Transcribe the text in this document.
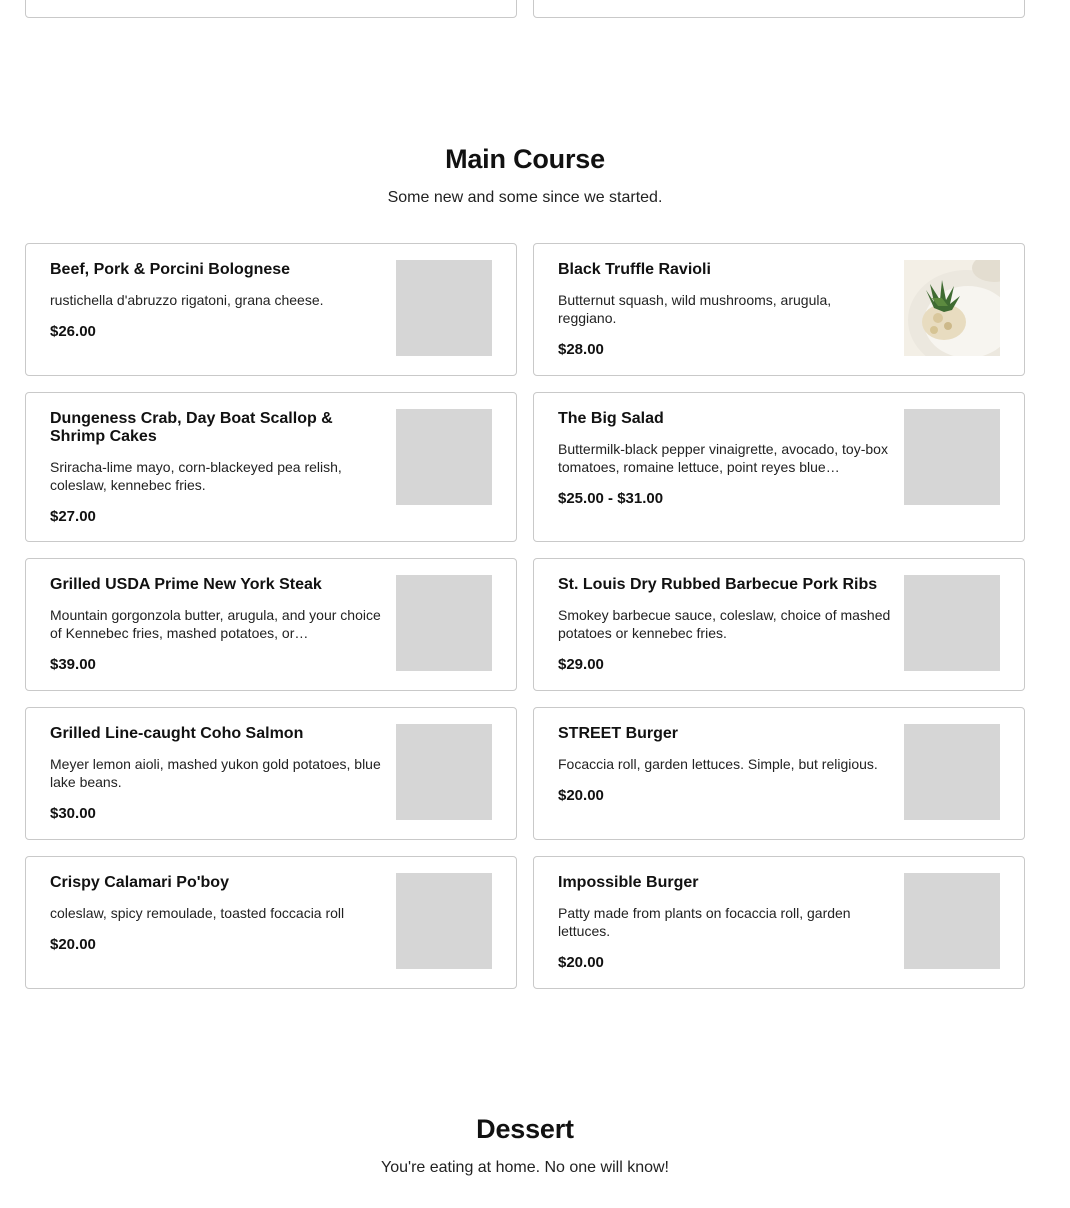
Main Course

Some new and some since we started.

Beef, Pork & Porcini Bolognese
rustichella d'abruzzo rigatoni, grana cheese.
$26.00
Black Truffle Ravioli
Butternut squash, wild mushrooms, arugula, reggiano.
$28.00
Dungeness Crab, Day Boat Scallop & Shrimp Cakes
Sriracha-lime mayo, corn-blackeyed pea relish, coleslaw, kennebec fries.
$27.00
The Big Salad
Buttermilk-black pepper vinaigrette, avocado, toy-box tomatoes, romaine lettuce, point reyes blue…
$25.00 - $31.00
Grilled USDA Prime New York Steak
Mountain gorgonzola butter, arugula, and your choice of Kennebec fries, mashed potatoes, or…
$39.00
St. Louis Dry Rubbed Barbecue Pork Ribs
Smokey barbecue sauce, coleslaw, choice of mashed potatoes or kennebec fries.
$29.00
Grilled Line-caught Coho Salmon
Meyer lemon aioli, mashed yukon gold potatoes, blue lake beans.
$30.00
STREET Burger
Focaccia roll, garden lettuces. Simple, but religious.
$20.00
Crispy Calamari Po'boy
coleslaw, spicy remoulade, toasted foccacia roll
$20.00
Impossible Burger
Patty made from plants on focaccia roll, garden lettuces.
$20.00
Dessert

You're eating at home. No one will know!
